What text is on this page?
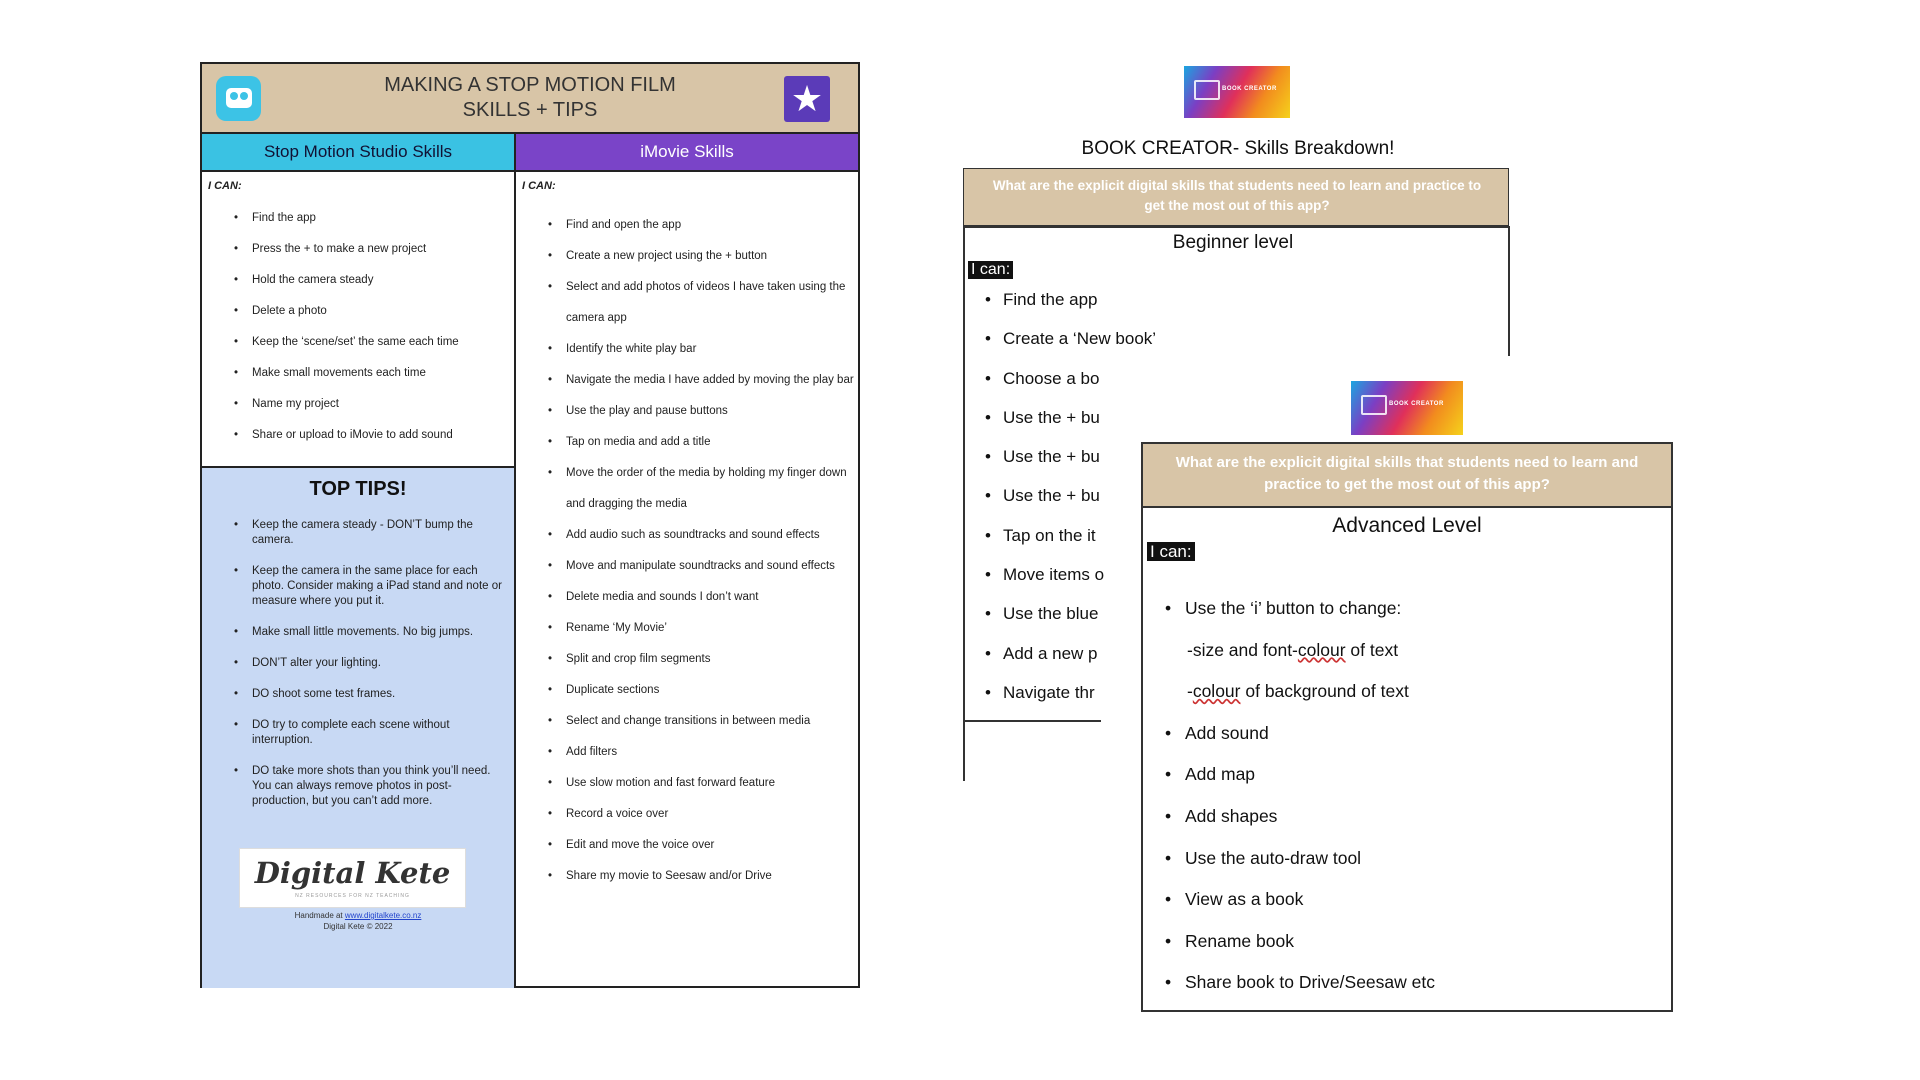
MAKING A STOP MOTION FILM
SKILLS + TIPS	★
Stop Motion Studio Skills	iMovie Skills
I CAN:	I CAN:
• Find the app
• Press the + to make a new project
• Hold the camera steady
• Delete a photo
• Keep the ‘scene/set’ the same each time
• Make small movements each time
• Name my project
• Share or upload to iMovie to add sound
• Find and open the app
• Create a new project using the + button
• Select and add photos of videos I have taken using the camera app
• Identify the white play bar
• Navigate the media I have added by moving the play bar
• Use the play and pause buttons
• Tap on media and add a title
• Move the order of the media by holding my finger down and dragging the media
• Add audio such as soundtracks and sound effects
• Move and manipulate soundtracks and sound effects
• Delete media and sounds I don’t want
• Rename ‘My Movie’
• Split and crop film segments
• Duplicate sections
• Select and change transitions in between media
• Add filters
• Use slow motion and fast forward feature
• Record a voice over
• Edit and move the voice over
• Share my movie to Seesaw and/or Drive
TOP TIPS!
• Keep the camera steady - DON’T bump the camera.
• Keep the camera in the same place for each photo. Consider making a iPad stand and note or measure where you put it.
• Make small little movements. No big jumps.
• DON’T alter your lighting.
• DO shoot some test frames.
• DO try to complete each scene without interruption.
• DO take more shots than you think you’ll need. You can always remove photos in post-production, but you can’t add more.
Digital Kete
NZ RESOURCES FOR NZ TEACHING
Handmade at www.digitalkete.co.nz
Digital Kete © 2022
BOOK CREATOR
BOOK CREATOR- Skills Breakdown!
What are the explicit digital skills that students need to learn and practice to get the most out of this app?
Beginner level
I can:
• Find the app
• Create a ‘New book’
• Choose a bo
• Use the + bu
• Use the + bu
• Use the + bu
• Tap on the it
• Move items o
• Use the blue
• Add a new p
• Navigate thr
BOOK CREATOR
What are the explicit digital skills that students need to learn and practice to get the most out of this app?
Advanced Level
I can:
• Use the ‘i’ button to change:
-size and font-colour of text
-colour of background of text
• Add sound
• Add map
• Add shapes
• Use the auto-draw tool
• View as a book
• Rename book
• Share book to Drive/Seesaw etc
